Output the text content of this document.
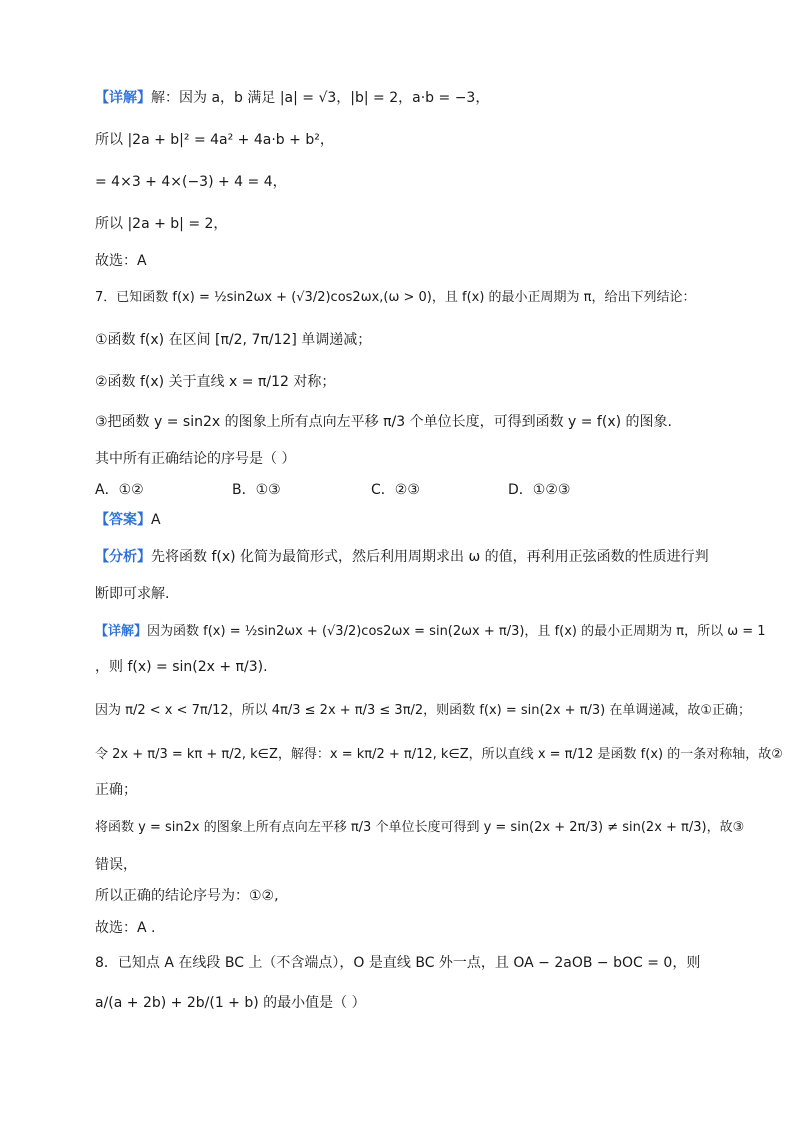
【详解】解：因为 a，b 满足 |a| = √3，|b| = 2，a·b = −3，
所以 |2a + b|² = 4a² + 4a·b + b²，
= 4×3 + 4×(−3) + 4 = 4，
所以 |2a + b| = 2，
故选：A
7．已知函数 f(x) = ½sin2ωx + (√3/2)cos2ωx,(ω > 0)，且 f(x) 的最小正周期为 π，给出下列结论：
①函数 f(x) 在区间 [π/2, 7π/12] 单调递减；
②函数 f(x) 关于直线 x = π/12 对称；
③把函数 y = sin2x 的图象上所有点向左平移 π/3 个单位长度，可得到函数 y = f(x) 的图象.
其中所有正确结论的序号是（ ）
A．①②	B．①③	C．②③	D．①②③
【答案】A
【分析】先将函数 f(x) 化简为最简形式，然后利用周期求出 ω 的值，再利用正弦函数的性质进行判
断即可求解.
【详解】因为函数 f(x) = ½sin2ωx + (√3/2)cos2ωx = sin(2ωx + π/3)，且 f(x) 的最小正周期为 π，所以 ω = 1
，则 f(x) = sin(2x + π/3).
因为 π/2 < x < 7π/12，所以 4π/3 ≤ 2x + π/3 ≤ 3π/2，则函数 f(x) = sin(2x + π/3) 在单调递减，故①正确；
令 2x + π/3 = kπ + π/2, k∈Z，解得：x = kπ/2 + π/12, k∈Z，所以直线 x = π/12 是函数 f(x) 的一条对称轴，故②
正确；
将函数 y = sin2x 的图象上所有点向左平移 π/3 个单位长度可得到 y = sin(2x + 2π/3) ≠ sin(2x + π/3)，故③
错误，
所以正确的结论序号为：①②,
故选：A .
8．已知点 A 在线段 BC 上（不含端点），O 是直线 BC 外一点，且 OA − 2aOB − bOC = 0，则
a/(a + 2b) + 2b/(1 + b) 的最小值是（ ）
